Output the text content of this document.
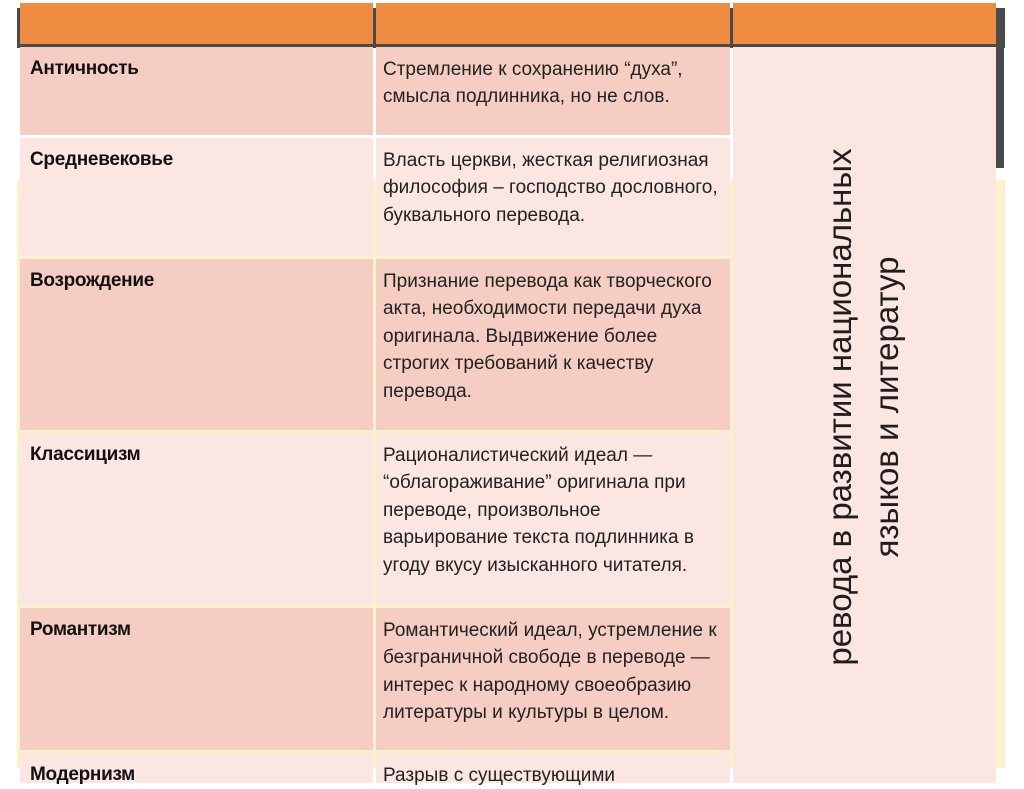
Античность	Стремление к сохранению “духа”, смысла подлинника, но не слов.
Средневековье	Власть церкви, жесткая религиозная философия – господство дословного, буквального перевода.
Возрождение	Признание перевода как творческого акта, необходимости передачи духа оригинала. Выдвижение более строгих требований к качеству перевода.
Классицизм	Рационалистический идеал — “облагораживание” оригинала при переводе, произвольное варьирование текста подлинника в угоду вкусу изысканного читателя.
Романтизм	Романтический идеал, устремление к безграничной свободе в переводе — интерес к народному своеобразию литературы и культуры в целом.
Модернизм	Разрыв с существующими
ревода в развитии национальных языков и литератур
